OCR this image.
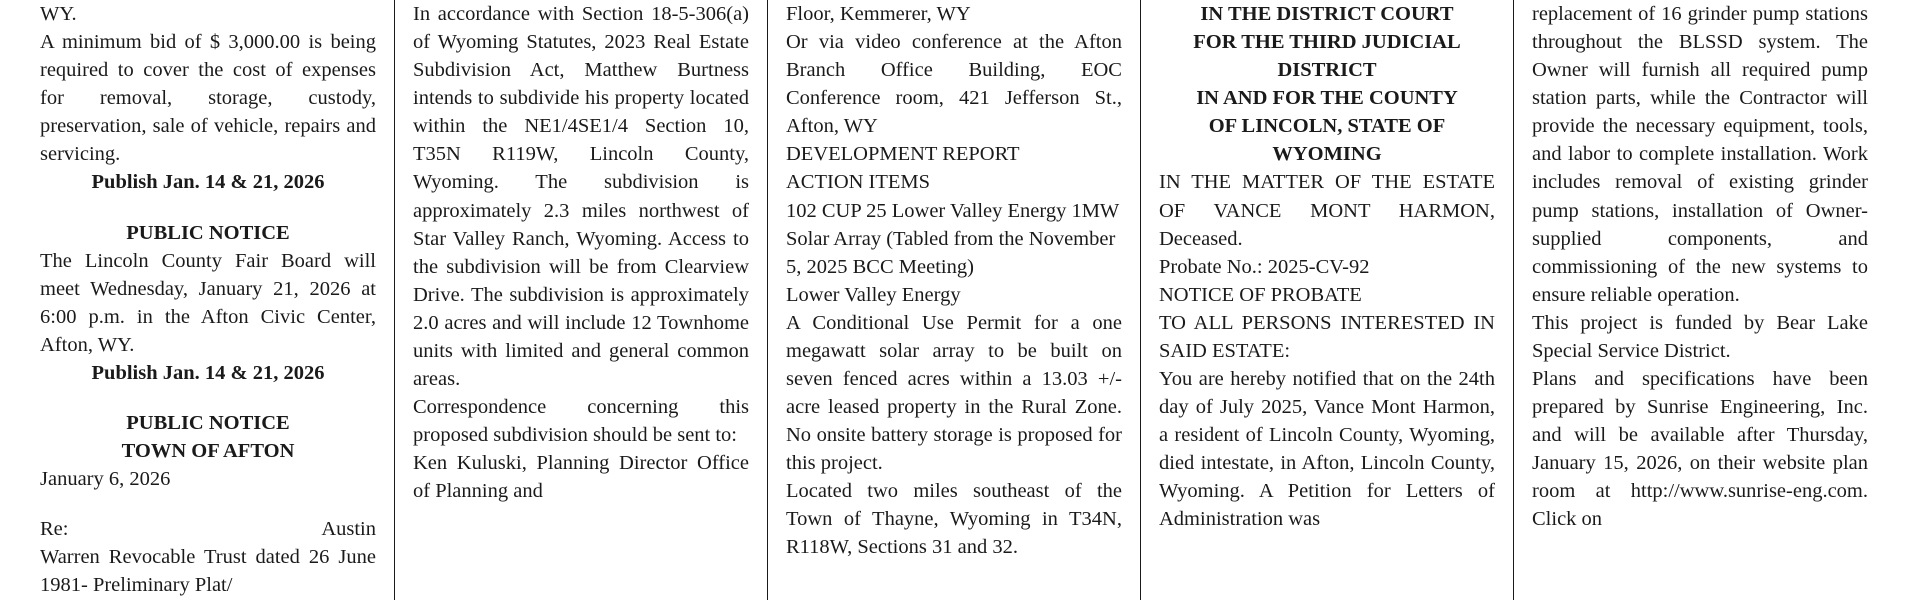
WY.

A minimum bid of $ 3,000.00 is being required to cover the cost of expenses for removal, storage, custody, preservation, sale of vehicle, repairs and servicing.

Publish Jan. 14 & 21, 2026

PUBLIC NOTICE

The Lincoln County Fair Board will meet Wednesday, January 21, 2026 at 6:00 p.m. in the Afton Civic Center, Afton, WY.

Publish Jan. 14 & 21, 2026

PUBLIC NOTICE

TOWN OF AFTON

January 6, 2026

Re:	Austin

Warren Revocable Trust dated 26 June 1981- Preliminary Plat/

In accordance with Section 18-5-306(a) of Wyoming Statutes, 2023 Real Estate Subdivision Act, Matthew Burtness intends to subdivide his property located within the NE1/4SE1/4 Section 10, T35N R119W, Lincoln County, Wyoming. The subdivision is approximately 2.3 miles northwest of Star Valley Ranch, Wyoming. Access to the subdivision will be from Clearview Drive. The subdivision is approximately 2.0 acres and will include 12 Townhome units with limited and general common areas.

Correspondence concerning this proposed subdivision should be sent to:

Ken Kuluski, Planning Director Office of Planning and

Floor, Kemmerer, WY

Or via video conference at the Afton Branch Office Building, EOC Conference room, 421 Jefferson St., Afton, WY

DEVELOPMENT REPORT

ACTION ITEMS

102 CUP 25 Lower Valley Energy 1MW Solar Array (Tabled from the November 5, 2025 BCC Meeting)

Lower Valley Energy

A Conditional Use Permit for a one megawatt solar array to be built on seven fenced acres within a 13.03 +/- acre leased property in the Rural Zone. No onsite battery storage is proposed for this project.

Located two miles southeast of the Town of Thayne, Wyoming in T34N, R118W, Sections 31 and 32.

IN THE DISTRICT COURT

FOR THE THIRD JUDICIAL

DISTRICT

IN AND FOR THE COUNTY

OF LINCOLN, STATE OF

WYOMING

IN THE MATTER OF THE ESTATE OF VANCE MONT HARMON, Deceased.

Probate No.: 2025-CV-92

NOTICE OF PROBATE

TO ALL PERSONS INTERESTED IN SAID ESTATE:

You are hereby notified that on the 24th day of July 2025, Vance Mont Harmon, a resident of Lincoln County, Wyoming, died intestate, in Afton, Lincoln County, Wyoming. A Petition for Letters of Administration was

replacement of 16 grinder pump stations throughout the BLSSD system. The Owner will furnish all required pump station parts, while the Contractor will provide the necessary equipment, tools, and labor to complete installation. Work includes removal of existing grinder pump stations, installation of Owner-supplied components, and commissioning of the new systems to ensure reliable operation.

This project is funded by Bear Lake Special Service District.

Plans and specifications have been prepared by Sunrise Engineering, Inc. and will be available after Thursday, January 15, 2026, on their website plan room at http://www.sunrise-eng.com. Click on
